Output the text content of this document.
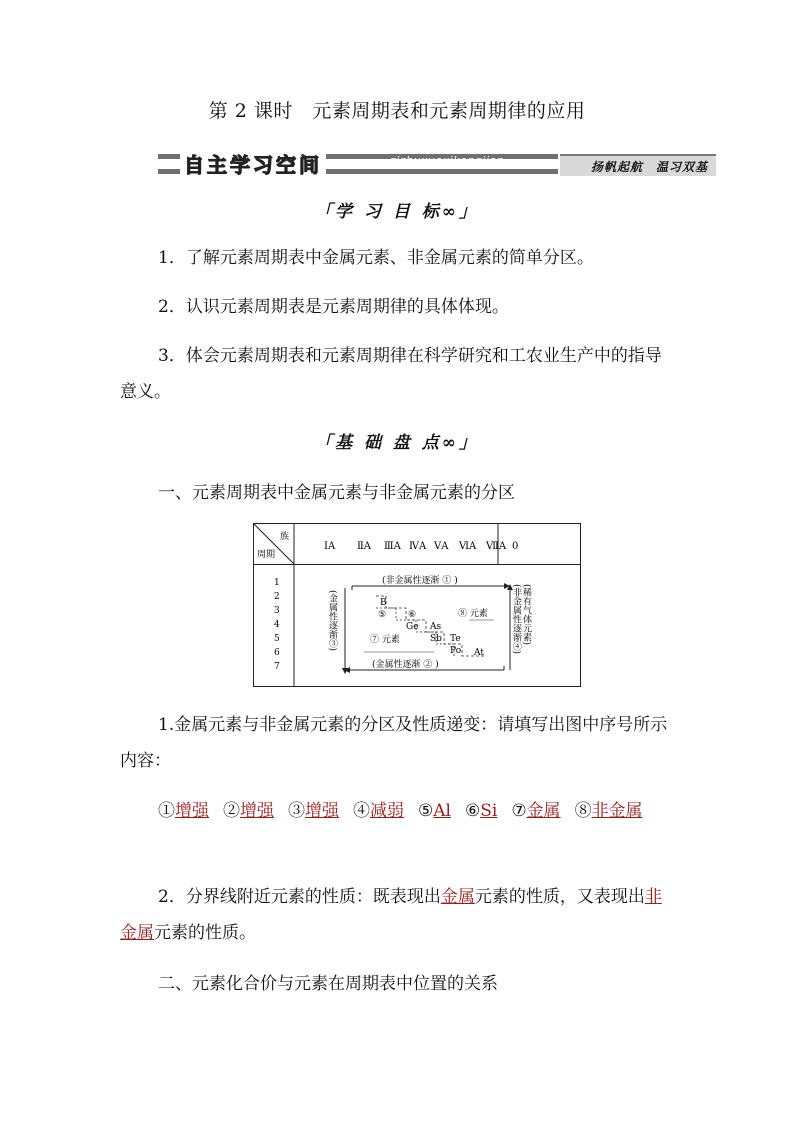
第 2 课时　元素周期表和元素周期律的应用
自主学习空间	zizhuxuexikongjian	扬帆起航　温习双基
「学 习 目 标∞」
1．了解元素周期表中金属元素、非金属元素的简单分区。
2．认识元素周期表是元素周期律的具体体现。
3．体会元素周期表和元素周期律在科学研究和工农业生产中的指导意义。
「基 础 盘 点∞」
一、元素周期表中金属元素与非金属元素的分区
族
周期
ⅠA ⅡA ⅢA ⅣA ⅤA ⅥA ⅦA 0
1
2
3
4
5
6
7
(非金属性逐渐 ① )
(金属性逐渐 ② )
B
⑤ ⑥
Ge As
Sb Te
Po At
⑦ 元素
⑧ 元素
(金属性逐渐③)	(稀有气体元素)
(非金属性逐渐④)
1.金属元素与非金属元素的分区及性质递变：请填写出图中序号所示内容：
①增强 ②增强 ③增强 ④减弱 ⑤Al ⑥Si ⑦金属 ⑧非金属
2．分界线附近元素的性质：既表现出金属元素的性质，又表现出非金属元素的性质。
二、元素化合价与元素在周期表中位置的关系
